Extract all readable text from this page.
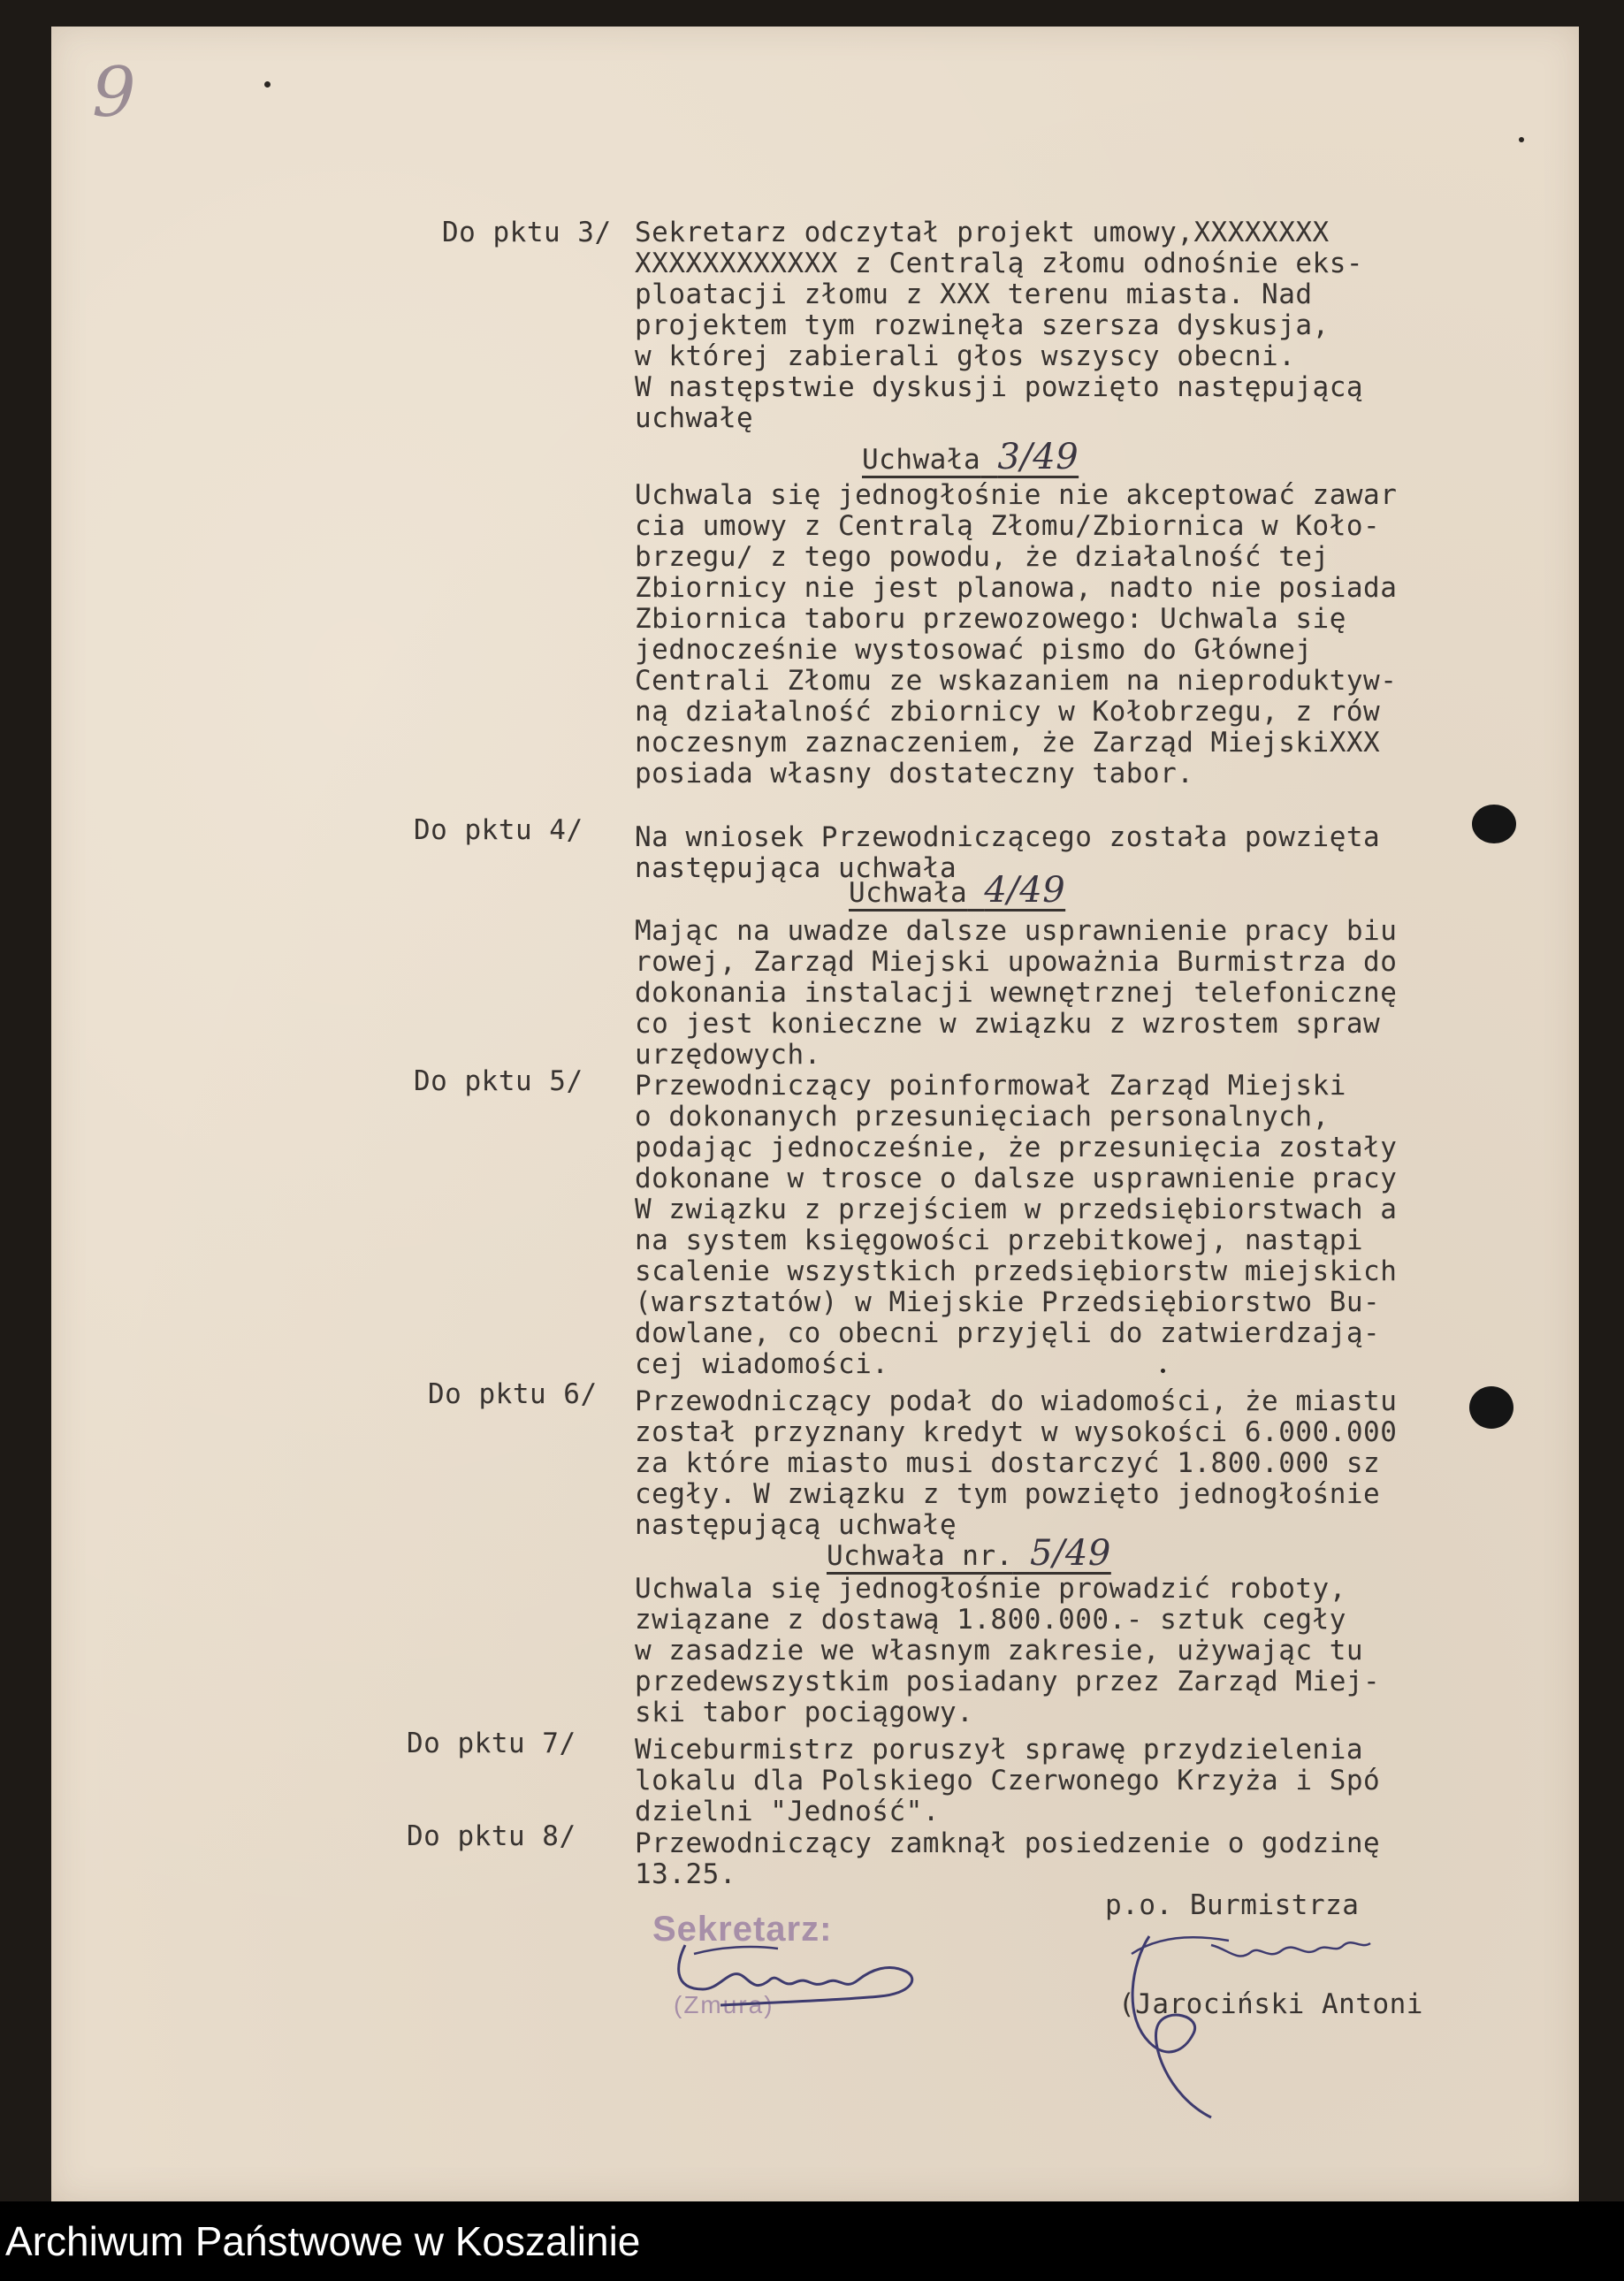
9
Do pktu 3/ Sekretarz odczytał projekt umowy,XXXXXXXX
XXXXXXXXXXXX z Centralą złomu odnośnie eks-
ploatacji złomu z XXX terenu miasta. Nad
projektem tym rozwinęła szersza dyskusja,
w której zabierali głos wszyscy obecni.
W następstwie dyskusji powzięto następującą
uchwałę
Uchwała 3/49
Uchwala się jednogłośnie nie akceptować zawar
cia umowy z Centralą Złomu/Zbiornica w Koło-
brzegu/ z tego powodu, że działalność tej
Zbiornicy nie jest planowa, nadto nie posiada
Zbiornica taboru przewozowego: Uchwala się
jednocześnie wystosować pismo do Głównej
Centrali Złomu ze wskazaniem na nieproduktyw-
ną działalność zbiornicy w Kołobrzegu, z rów
noczesnym zaznaczeniem, że Zarząd MiejskiXXX
posiada własny dostateczny tabor.
Do pktu 4/ Na wniosek Przewodniczącego została powzięta
następująca uchwała
Uchwała 4/49
Mając na uwadze dalsze usprawnienie pracy biu
rowej, Zarząd Miejski upoważnia Burmistrza do
dokonania instalacji wewnętrznej telefonicznę
co jest konieczne w związku z wzrostem spraw
urzędowych.
Do pktu 5/ Przewodniczący poinformował Zarząd Miejski
o dokonanych przesunięciach personalnych,
podając jednocześnie, że przesunięcia zostały
dokonane w trosce o dalsze usprawnienie pracy
W związku z przejściem w przedsiębiorstwach a
na system księgowości przebitkowej, nastąpi
scalenie wszystkich przedsiębiorstw miejskich
(warsztatów) w Miejskie Przedsiębiorstwo Bu-
dowlane, co obecni przyjęli do zatwierdzają-
cej wiadomości.
Do pktu 6/ Przewodniczący podał do wiadomości, że miastu
został przyznany kredyt w wysokości 6.000.000
za które miasto musi dostarczyć 1.800.000 sz
cegły. W związku z tym powzięto jednogłośnie
następującą uchwałę
Uchwała nr. 5/49
Uchwala się jednogłośnie prowadzić roboty,
związane z dostawą 1.800.000.- sztuk cegły
w zasadzie we własnym zakresie, używając tu
przedewszystkim posiadany przez Zarząd Miej-
ski tabor pociągowy.
Do pktu 7/ Wiceburmistrz poruszył sprawę przydzielenia
lokalu dla Polskiego Czerwonego Krzyża i Spó
dzielni "Jedność".
Do pktu 8/ Przewodniczący zamknął posiedzenie o godzinę
13.25.
Sekretarz:
(Zmura)
p.o. Burmistrza
(Jarociński Antoni
Archiwum Państwowe w Koszalinie
